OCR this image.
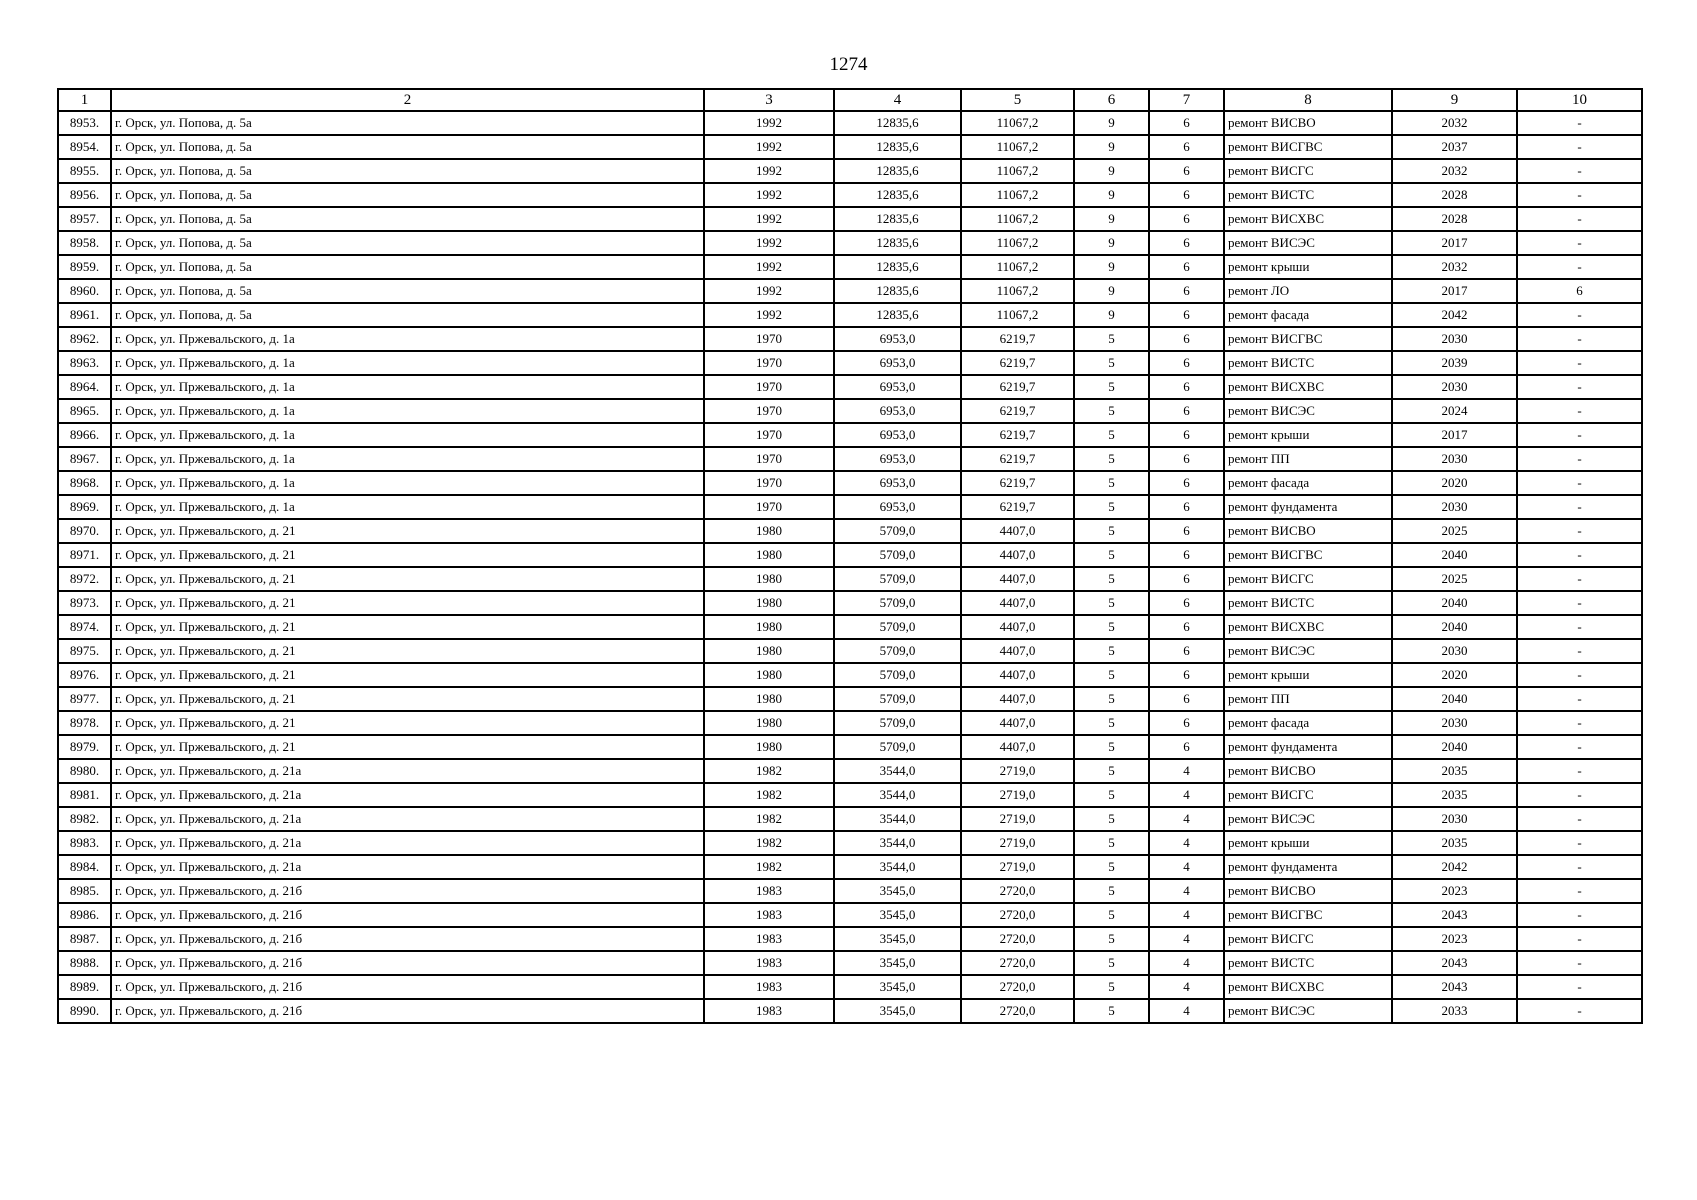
1274
1	2	3	4	5	6	7	8	9	10
8953.	г. Орск, ул. Попова, д. 5а	1992	12835,6	11067,2	9	6	ремонт ВИСВО	2032	-
8954.	г. Орск, ул. Попова, д. 5а	1992	12835,6	11067,2	9	6	ремонт ВИСГВС	2037	-
8955.	г. Орск, ул. Попова, д. 5а	1992	12835,6	11067,2	9	6	ремонт ВИСГС	2032	-
8956.	г. Орск, ул. Попова, д. 5а	1992	12835,6	11067,2	9	6	ремонт ВИСТС	2028	-
8957.	г. Орск, ул. Попова, д. 5а	1992	12835,6	11067,2	9	6	ремонт ВИСХВС	2028	-
8958.	г. Орск, ул. Попова, д. 5а	1992	12835,6	11067,2	9	6	ремонт ВИСЭС	2017	-
8959.	г. Орск, ул. Попова, д. 5а	1992	12835,6	11067,2	9	6	ремонт крыши	2032	-
8960.	г. Орск, ул. Попова, д. 5а	1992	12835,6	11067,2	9	6	ремонт ЛО	2017	6
8961.	г. Орск, ул. Попова, д. 5а	1992	12835,6	11067,2	9	6	ремонт фасада	2042	-
8962.	г. Орск, ул. Пржевальского, д. 1а	1970	6953,0	6219,7	5	6	ремонт ВИСГВС	2030	-
8963.	г. Орск, ул. Пржевальского, д. 1а	1970	6953,0	6219,7	5	6	ремонт ВИСТС	2039	-
8964.	г. Орск, ул. Пржевальского, д. 1а	1970	6953,0	6219,7	5	6	ремонт ВИСХВС	2030	-
8965.	г. Орск, ул. Пржевальского, д. 1а	1970	6953,0	6219,7	5	6	ремонт ВИСЭС	2024	-
8966.	г. Орск, ул. Пржевальского, д. 1а	1970	6953,0	6219,7	5	6	ремонт крыши	2017	-
8967.	г. Орск, ул. Пржевальского, д. 1а	1970	6953,0	6219,7	5	6	ремонт ПП	2030	-
8968.	г. Орск, ул. Пржевальского, д. 1а	1970	6953,0	6219,7	5	6	ремонт фасада	2020	-
8969.	г. Орск, ул. Пржевальского, д. 1а	1970	6953,0	6219,7	5	6	ремонт фундамента	2030	-
8970.	г. Орск, ул. Пржевальского, д. 21	1980	5709,0	4407,0	5	6	ремонт ВИСВО	2025	-
8971.	г. Орск, ул. Пржевальского, д. 21	1980	5709,0	4407,0	5	6	ремонт ВИСГВС	2040	-
8972.	г. Орск, ул. Пржевальского, д. 21	1980	5709,0	4407,0	5	6	ремонт ВИСГС	2025	-
8973.	г. Орск, ул. Пржевальского, д. 21	1980	5709,0	4407,0	5	6	ремонт ВИСТС	2040	-
8974.	г. Орск, ул. Пржевальского, д. 21	1980	5709,0	4407,0	5	6	ремонт ВИСХВС	2040	-
8975.	г. Орск, ул. Пржевальского, д. 21	1980	5709,0	4407,0	5	6	ремонт ВИСЭС	2030	-
8976.	г. Орск, ул. Пржевальского, д. 21	1980	5709,0	4407,0	5	6	ремонт крыши	2020	-
8977.	г. Орск, ул. Пржевальского, д. 21	1980	5709,0	4407,0	5	6	ремонт ПП	2040	-
8978.	г. Орск, ул. Пржевальского, д. 21	1980	5709,0	4407,0	5	6	ремонт фасада	2030	-
8979.	г. Орск, ул. Пржевальского, д. 21	1980	5709,0	4407,0	5	6	ремонт фундамента	2040	-
8980.	г. Орск, ул. Пржевальского, д. 21а	1982	3544,0	2719,0	5	4	ремонт ВИСВО	2035	-
8981.	г. Орск, ул. Пржевальского, д. 21а	1982	3544,0	2719,0	5	4	ремонт ВИСГС	2035	-
8982.	г. Орск, ул. Пржевальского, д. 21а	1982	3544,0	2719,0	5	4	ремонт ВИСЭС	2030	-
8983.	г. Орск, ул. Пржевальского, д. 21а	1982	3544,0	2719,0	5	4	ремонт крыши	2035	-
8984.	г. Орск, ул. Пржевальского, д. 21а	1982	3544,0	2719,0	5	4	ремонт фундамента	2042	-
8985.	г. Орск, ул. Пржевальского, д. 21б	1983	3545,0	2720,0	5	4	ремонт ВИСВО	2023	-
8986.	г. Орск, ул. Пржевальского, д. 21б	1983	3545,0	2720,0	5	4	ремонт ВИСГВС	2043	-
8987.	г. Орск, ул. Пржевальского, д. 21б	1983	3545,0	2720,0	5	4	ремонт ВИСГС	2023	-
8988.	г. Орск, ул. Пржевальского, д. 21б	1983	3545,0	2720,0	5	4	ремонт ВИСТС	2043	-
8989.	г. Орск, ул. Пржевальского, д. 21б	1983	3545,0	2720,0	5	4	ремонт ВИСХВС	2043	-
8990.	г. Орск, ул. Пржевальского, д. 21б	1983	3545,0	2720,0	5	4	ремонт ВИСЭС	2033	-
